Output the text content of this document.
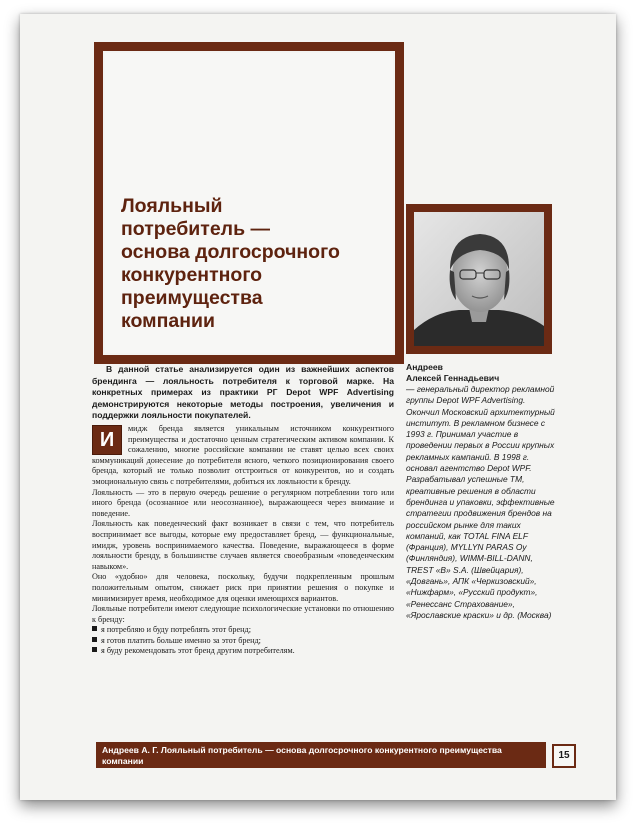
Лояльный
потребитель —
основа долгосрочного
конкурентного
преимущества
компании

В данной статье анализируется один из важнейших аспектов брендинга — лояльность потребителя к торговой марке. На конкретных примерах из практики РГ Depot WPF Advertising демонстрируются некоторые методы построения, увеличения и поддержки лояльности покупателей.

Андреев
Алексей Геннадьевич

— генеральный директор рекламной группы Depot WPF Advertising. Окончил Московский архитектурный институт. В рекламном бизнесе с 1993 г. Принимал участие в проведении первых в России крупных рекламных кампаний. В 1998 г. основал агентство Depot WPF. Разрабатывал успешные ТМ, креативные решения в области брендинга и упаковки, эффективные стратегии продвижения брендов на российском рынке для таких компаний, как TOTAL FINA ELF (Франция), MYLLYN PARAS Oy (Финляндия), WIMM-BILL-DANN, TREST «B» S.A. (Швейцария), «Довгань», АПК «Черкизовский», «Нижфарм», «Русский продукт», «Ренессанс Страхование», «Ярославские краски» и др. (Москва)

И
мидж бренда является уникальным источником конкурентного преимущества и достаточно ценным стратегическим активом компании. К сожалению, многие российские компании не ставят целью всех своих коммуникаций донесение до потребителя ясного, четкого позиционирования своего бренда, который не только позволит отстроиться от конкурентов, но и создать эмоциональную связь с потребителями, добиться их лояльности к бренду.

Лояльность — это в первую очередь решение о регулярном потреблении того или иного бренда (осознанное или неосознанное), выражающееся через внимание и поведение.

Лояльность как поведенческий факт возникает в связи с тем, что потребитель воспринимает все выгоды, которые ему предоставляет бренд, — функциональные, имидж, уровень воспринимаемого качества. Поведение, выражающееся в форме лояльности бренду, в большинстве случаев является своеобразным «поведенческим навыком».

Оно «удобно» для человека, поскольку, будучи подкрепленным прошлым положительным опытом, снижает риск при принятии решения о покупке и минимизирует время, необходимое для оценки имеющихся вариантов.

Лояльные потребители имеют следующие психологические установки по отношению к бренду:

я потребляю и буду потреблять этот бренд;
я готов платить больше именно за этот бренд;
я буду рекомендовать этот бренд другим потребителям.

Андреев А. Г. Лояльный потребитель — основа долгосрочного конкурентного преимущества компании	15
